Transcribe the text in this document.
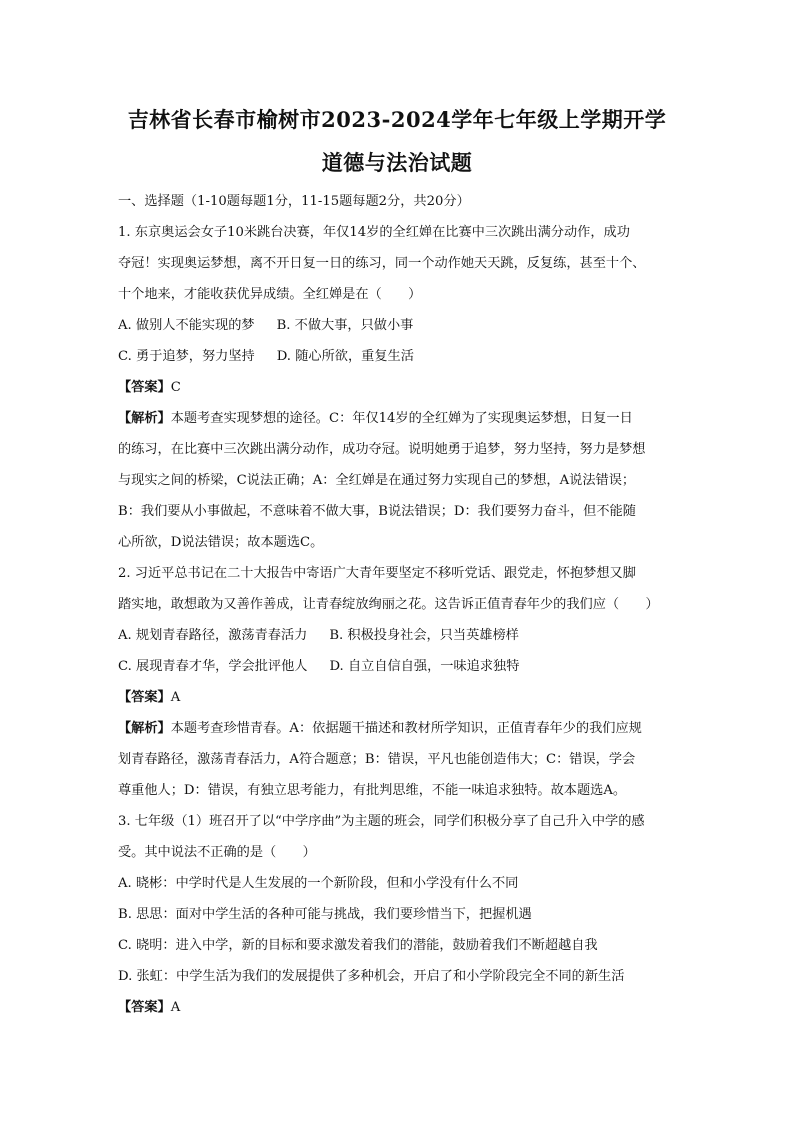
吉林省长春市榆树市2023-2024学年七年级上学期开学
道德与法治试题
一、选择题（1-10题每题1分，11-15题每题2分，共20分）
1. 东京奥运会女子10米跳台决赛，年仅14岁的全红婵在比赛中三次跳出满分动作，成功
夺冠！实现奥运梦想，离不开日复一日的练习，同一个动作她天天跳，反复练，甚至十个、
十个地来，才能收获优异成绩。全红婵是在（　　）
A. 做别人不能实现的梦 B. 不做大事，只做小事
C. 勇于追梦，努力坚持 D. 随心所欲，重复生活
【答案】C
【解析】本题考查实现梦想的途径。C：年仅14岁的全红婵为了实现奥运梦想，日复一日
的练习，在比赛中三次跳出满分动作，成功夺冠。说明她勇于追梦，努力坚持，努力是梦想
与现实之间的桥梁，C说法正确；A：全红婵是在通过努力实现自己的梦想，A说法错误；
B：我们要从小事做起，不意味着不做大事，B说法错误；D：我们要努力奋斗，但不能随
心所欲，D说法错误；故本题选C。
2. 习近平总书记在二十大报告中寄语广大青年要坚定不移听党话、跟党走，怀抱梦想又脚
踏实地，敢想敢为又善作善成，让青春绽放绚丽之花。这告诉正值青春年少的我们应（　　）
A. 规划青春路径，激荡青春活力 B. 积极投身社会，只当英雄榜样
C. 展现青春才华，学会批评他人 D. 自立自信自强，一味追求独特
【答案】A
【解析】本题考查珍惜青春。A：依据题干描述和教材所学知识，正值青春年少的我们应规
划青春路径，激荡青春活力，A符合题意；B：错误，平凡也能创造伟大；C：错误，学会
尊重他人；D：错误，有独立思考能力，有批判思维，不能一味追求独特。故本题选A。
3. 七年级（1）班召开了以“中学序曲”为主题的班会，同学们积极分享了自己升入中学的感
受。其中说法不正确的是（　　）
A. 晓彬：中学时代是人生发展的一个新阶段，但和小学没有什么不同
B. 思思：面对中学生活的各种可能与挑战，我们要珍惜当下，把握机遇
C. 晓明：进入中学，新的目标和要求激发着我们的潜能，鼓励着我们不断超越自我
D. 张虹：中学生活为我们的发展提供了多种机会，开启了和小学阶段完全不同的新生活
【答案】A
